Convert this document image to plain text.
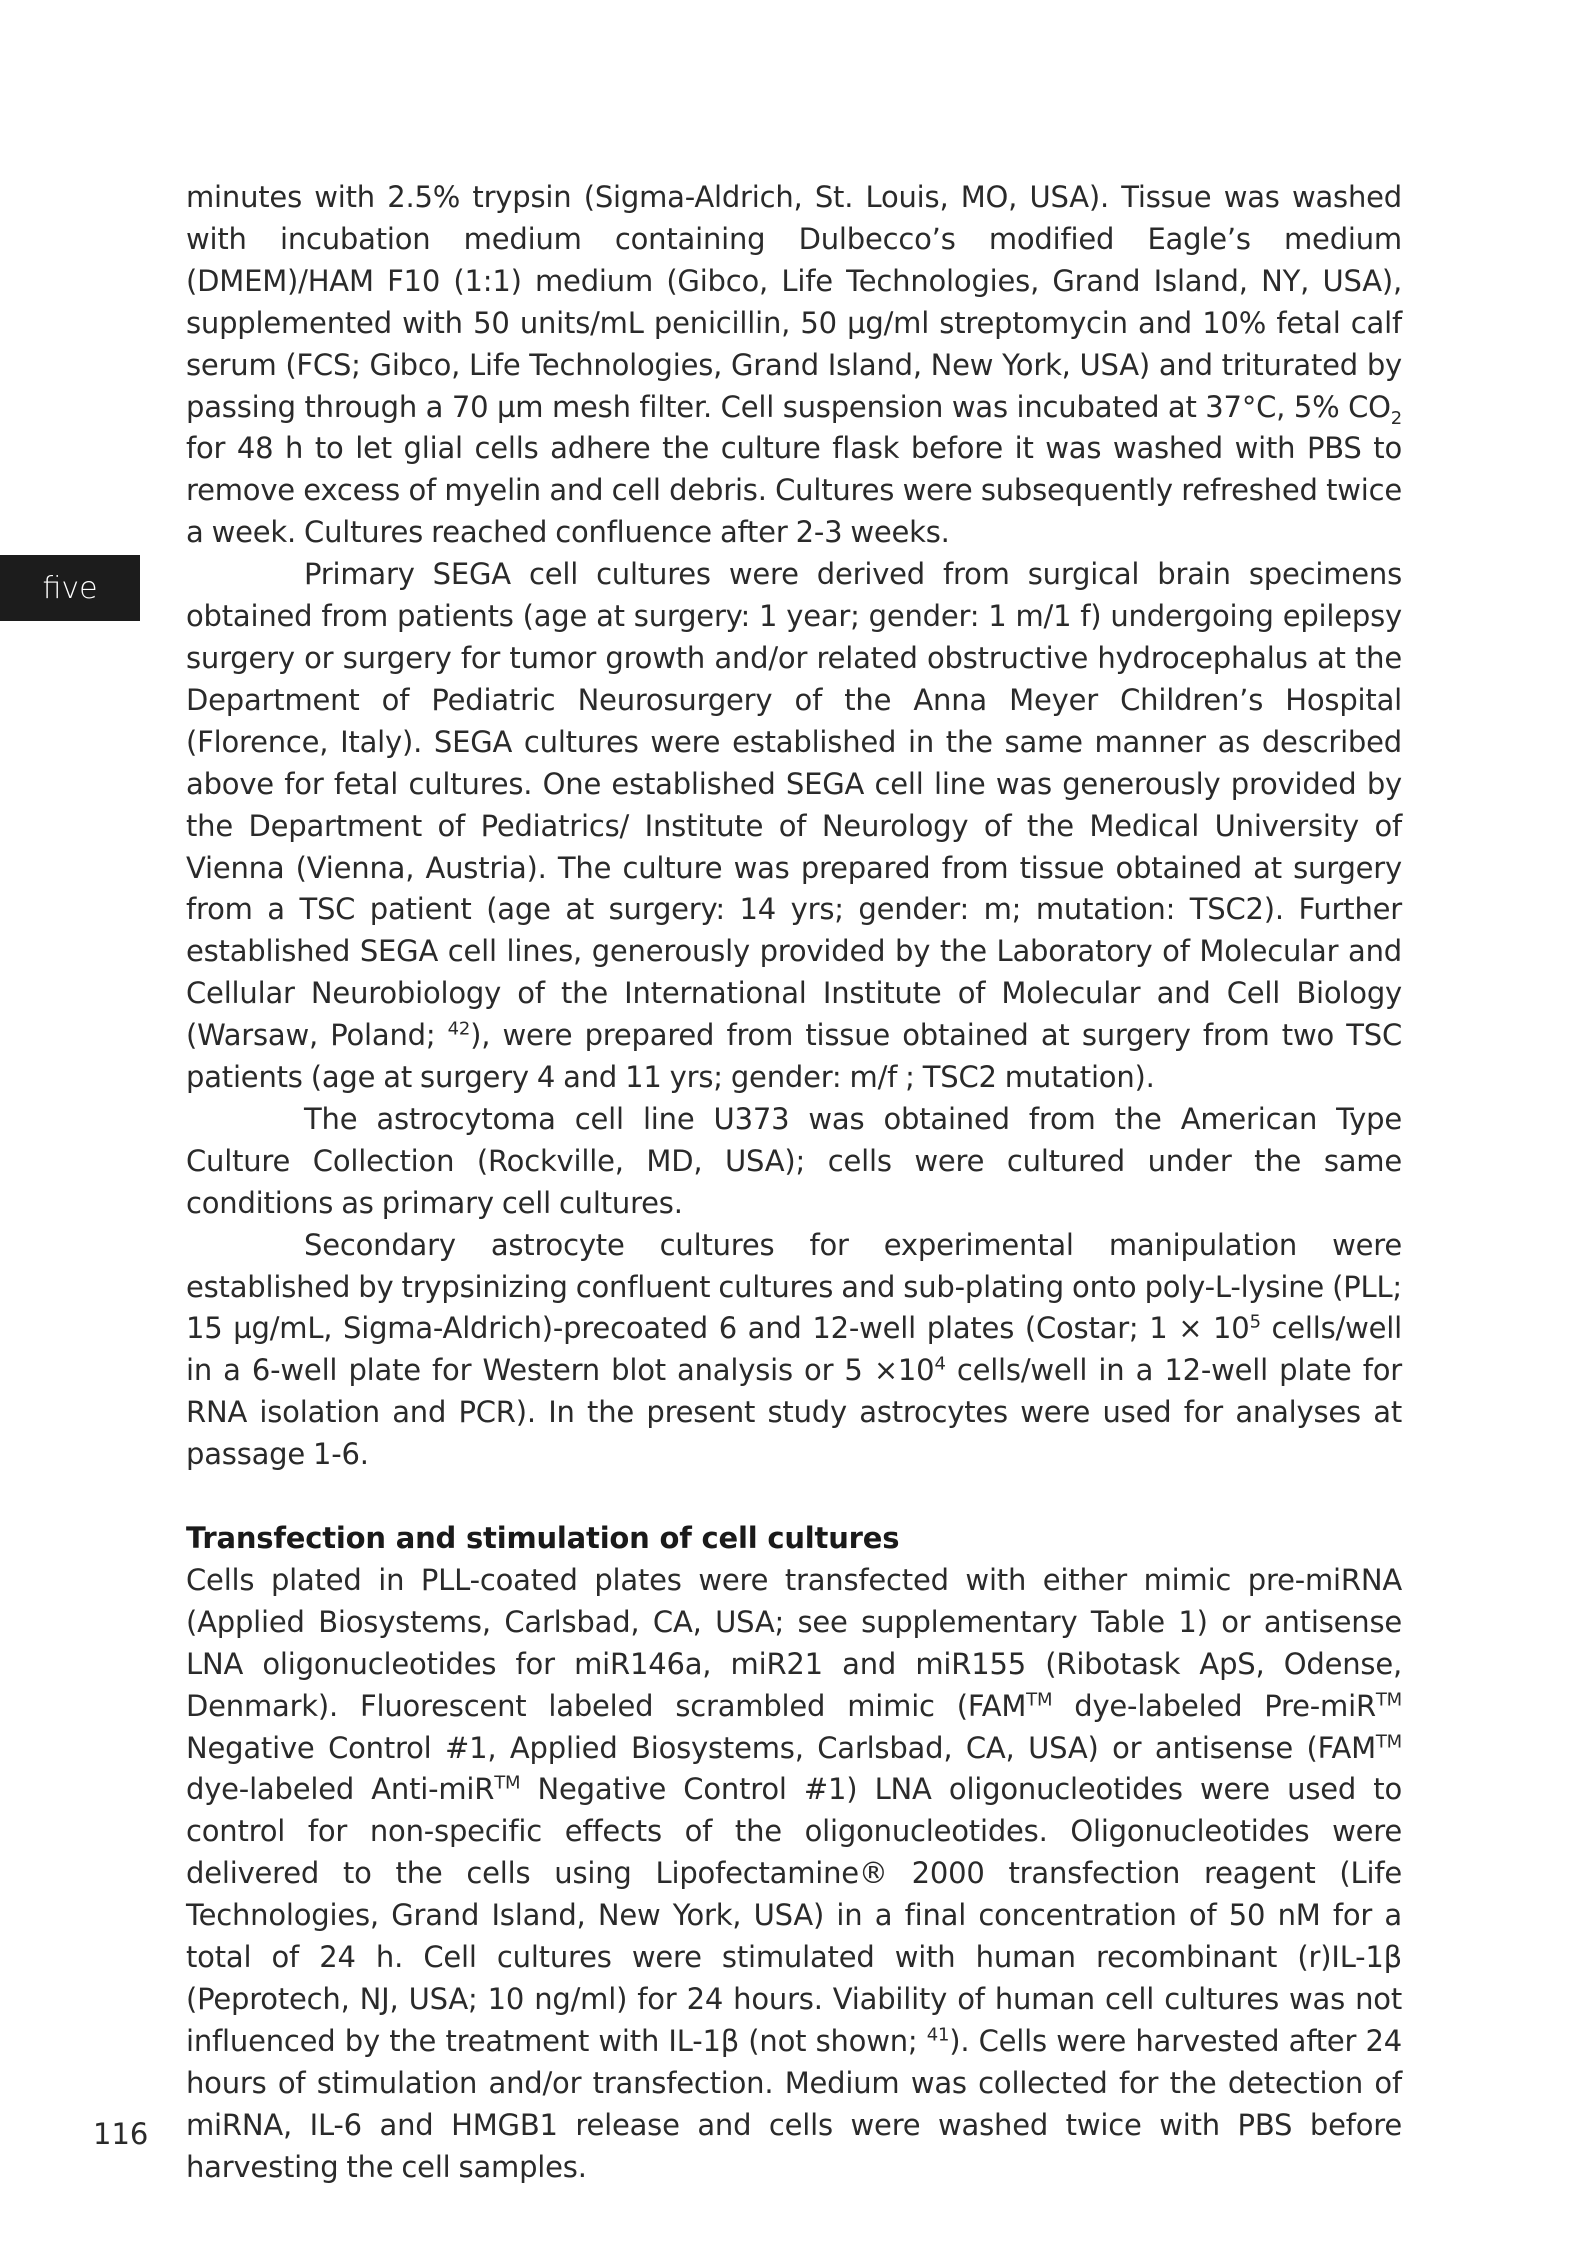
five

minutes with 2.5% trypsin (Sigma-Aldrich, St. Louis, MO, USA). Tissue was washed with incubation medium containing Dulbecco’s modified Eagle’s medium (DMEM)/HAM F10 (1:1) medium (Gibco, Life Technologies, Grand Island, NY, USA), supplemented with 50 units/mL penicillin, 50 µg/ml streptomycin and 10% fetal calf serum (FCS; Gibco, Life Technologies, Grand Island, New York, USA) and triturated by passing through a 70 µm mesh filter. Cell suspension was incubated at 37°C, 5% $CO_2$ for 48 h to let glial cells adhere the culture flask before it was washed with PBS to remove excess of myelin and cell debris. Cultures were subsequently refreshed twice a week. Cultures reached confluence after 2-3 weeks.

Primary SEGA cell cultures were derived from surgical brain specimens obtained from patients (age at surgery: 1 year; gender: 1 m/1 f) undergoing epilepsy surgery or surgery for tumor growth and/or related obstructive hydrocephalus at the Department of Pediatric Neurosurgery of the Anna Meyer Children’s Hospital (Florence, Italy). SEGA cultures were established in the same manner as described above for fetal cultures. One established SEGA cell line was generously provided by the Department of Pediatrics/ Institute of Neurology of the Medical University of Vienna (Vienna, Austria). The culture was prepared from tissue obtained at surgery from a TSC patient (age at surgery: 14 yrs; gender: m; mutation: TSC2). Further established SEGA cell lines, generously provided by the Laboratory of Molecular and Cellular Neurobiology of the International Institute of Molecular and Cell Biology (Warsaw, Poland; $^{42}$), were prepared from tissue obtained at surgery from two TSC patients (age at surgery 4 and 11 yrs; gender: m/f ; TSC2 mutation).

The astrocytoma cell line U373 was obtained from the American Type Culture Collection (Rockville, MD, USA); cells were cultured under the same conditions as primary cell cultures.

Secondary astrocyte cultures for experimental manipulation were established by trypsinizing confluent cultures and sub-plating onto poly-L-lysine (PLL; 15 µg/mL, Sigma-Aldrich)-precoated 6 and 12-well plates (Costar; $1 \times 10^5$ cells/well in a 6-well plate for Western blot analysis or $5 \times 10^4$ cells/well in a 12-well plate for RNA isolation and PCR). In the present study astrocytes were used for analyses at passage 1-6.

Transfection and stimulation of cell cultures

Cells plated in PLL-coated plates were transfected with either mimic pre-miRNA (Applied Biosystems, Carlsbad, CA, USA; see supplementary Table 1) or antisense LNA oligonucleotides for miR146a, miR21 and miR155 (Ribotask ApS, Odense, Denmark). Fluorescent labeled scrambled mimic (FAM™ dye-labeled Pre-miR™ Negative Control #1, Applied Biosystems, Carlsbad, CA, USA) or antisense (FAM™ dye-labeled Anti-miR™ Negative Control #1) LNA oligonucleotides were used to control for non-specific effects of the oligonucleotides. Oligonucleotides were delivered to the cells using Lipofectamine® 2000 transfection reagent (Life Technologies, Grand Island, New York, USA) in a final concentration of 50 nM for a total of 24 h. Cell cultures were stimulated with human recombinant (r)IL-1β (Peprotech, NJ, USA; 10 ng/ml) for 24 hours. Viability of human cell cultures was not influenced by the treatment with IL-1β (not shown; $^{41}$). Cells were harvested after 24 hours of stimulation and/or transfection. Medium was collected for the detection of miRNA, IL-6 and HMGB1 release and cells were washed twice with PBS before harvesting the cell samples.

116
